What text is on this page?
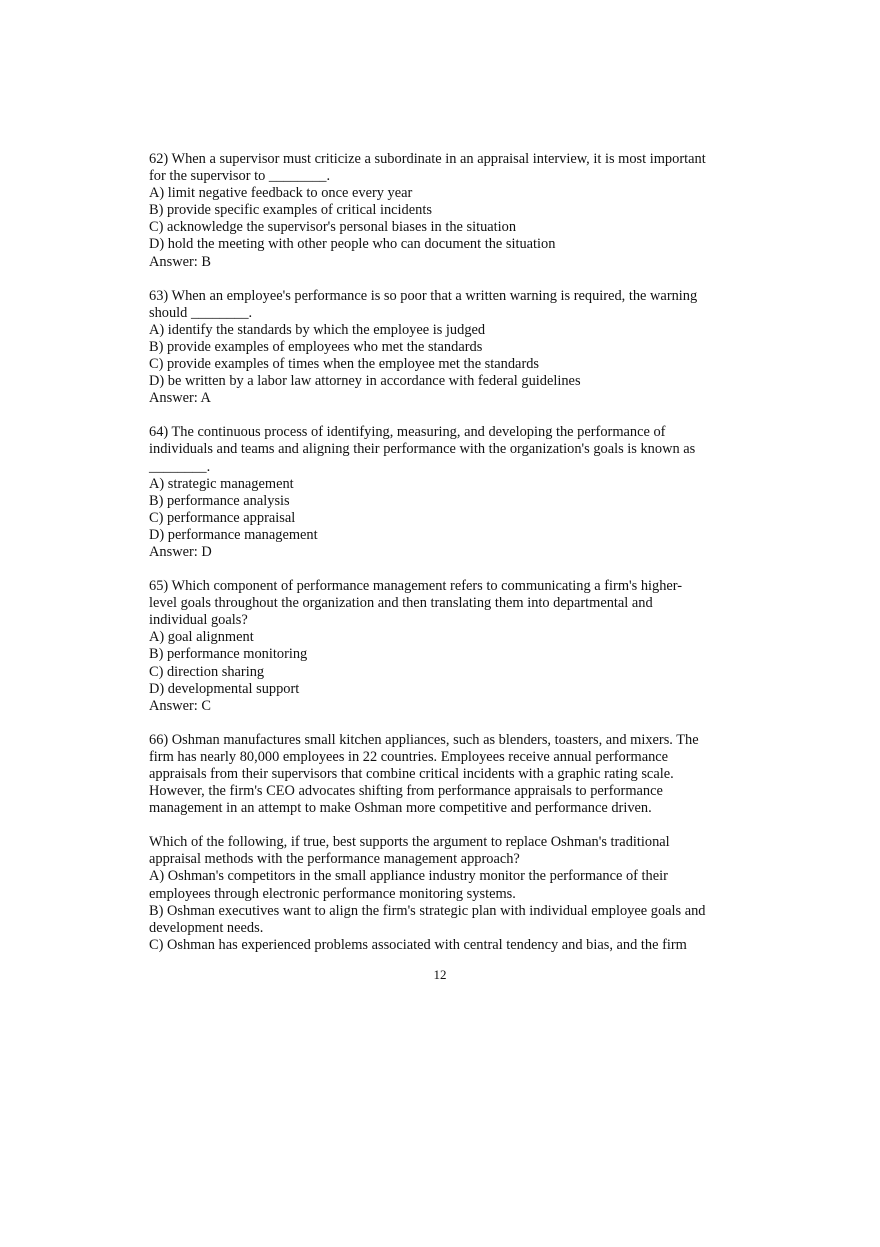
62) When a supervisor must criticize a subordinate in an appraisal interview, it is most important
for the supervisor to ________.
A) limit negative feedback to once every year
B) provide specific examples of critical incidents
C) acknowledge the supervisor's personal biases in the situation
D) hold the meeting with other people who can document the situation
Answer: B
63) When an employee's performance is so poor that a written warning is required, the warning
should ________.
A) identify the standards by which the employee is judged
B) provide examples of employees who met the standards
C) provide examples of times when the employee met the standards
D) be written by a labor law attorney in accordance with federal guidelines
Answer: A
64) The continuous process of identifying, measuring, and developing the performance of
individuals and teams and aligning their performance with the organization's goals is known as
________.
A) strategic management
B) performance analysis
C) performance appraisal
D) performance management
Answer: D
65) Which component of performance management refers to communicating a firm's higher-
level goals throughout the organization and then translating them into departmental and
individual goals?
A) goal alignment
B) performance monitoring
C) direction sharing
D) developmental support
Answer: C
66) Oshman manufactures small kitchen appliances, such as blenders, toasters, and mixers. The
firm has nearly 80,000 employees in 22 countries. Employees receive annual performance
appraisals from their supervisors that combine critical incidents with a graphic rating scale.
However, the firm's CEO advocates shifting from performance appraisals to performance
management in an attempt to make Oshman more competitive and performance driven.
Which of the following, if true, best supports the argument to replace Oshman's traditional
appraisal methods with the performance management approach?
A) Oshman's competitors in the small appliance industry monitor the performance of their
employees through electronic performance monitoring systems.
B) Oshman executives want to align the firm's strategic plan with individual employee goals and
development needs.
C) Oshman has experienced problems associated with central tendency and bias, and the firm
12
